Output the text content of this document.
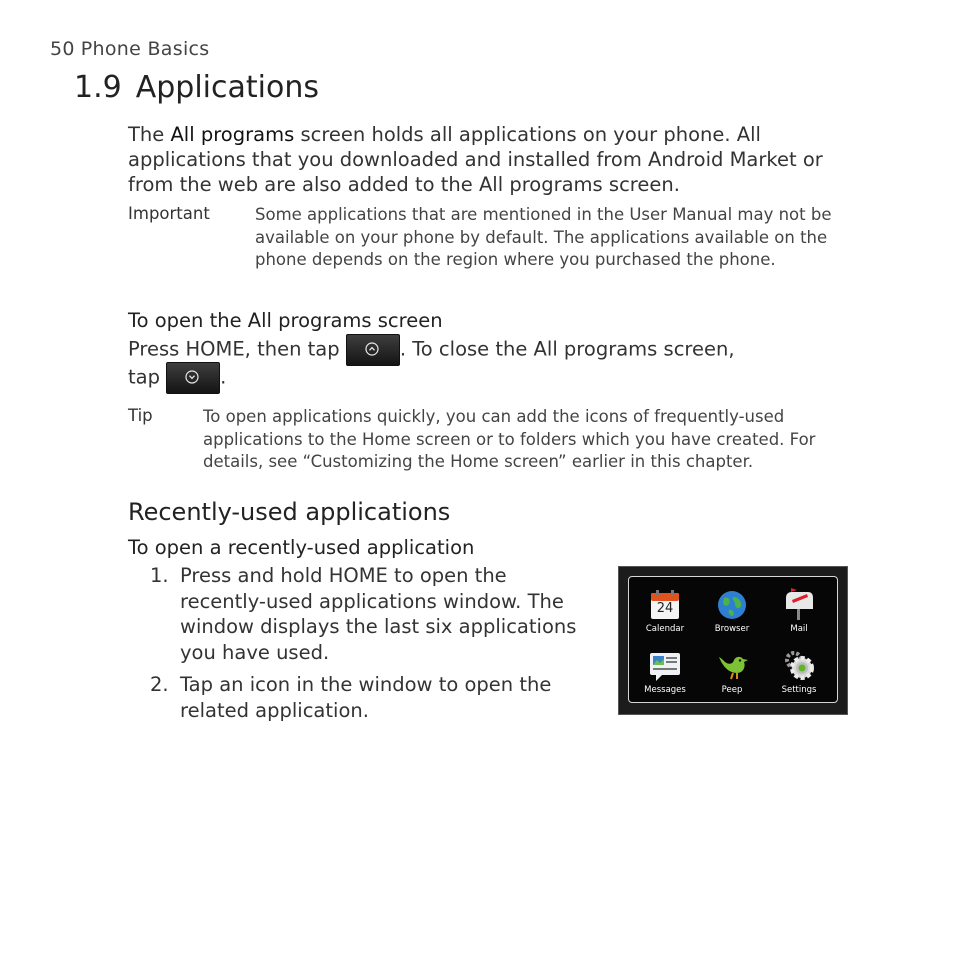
50 Phone Basics
1.9 Applications
The All programs screen holds all applications on your phone. All applications that you downloaded and installed from Android Market or from the web are also added to the All programs screen.
Important	Some applications that are mentioned in the User Manual may not be available on your phone by default. The applications available on the phone depends on the region where you purchased the phone.
To open the All programs screen
Press HOME, then tap	. To close the All programs screen,
tap	.
Tip	To open applications quickly, you can add the icons of frequently-used applications to the Home screen or to folders which you have created. For details, see “Customizing the Home screen” earlier in this chapter.
Recently-used applications
To open a recently-used application
1. Press and hold HOME to open the recently-used applications window. The window displays the last six applications you have used.
2. Tap an icon in the window to open the related application.
24
Calendar	Browser	Mail
Messages	Peep	Settings
